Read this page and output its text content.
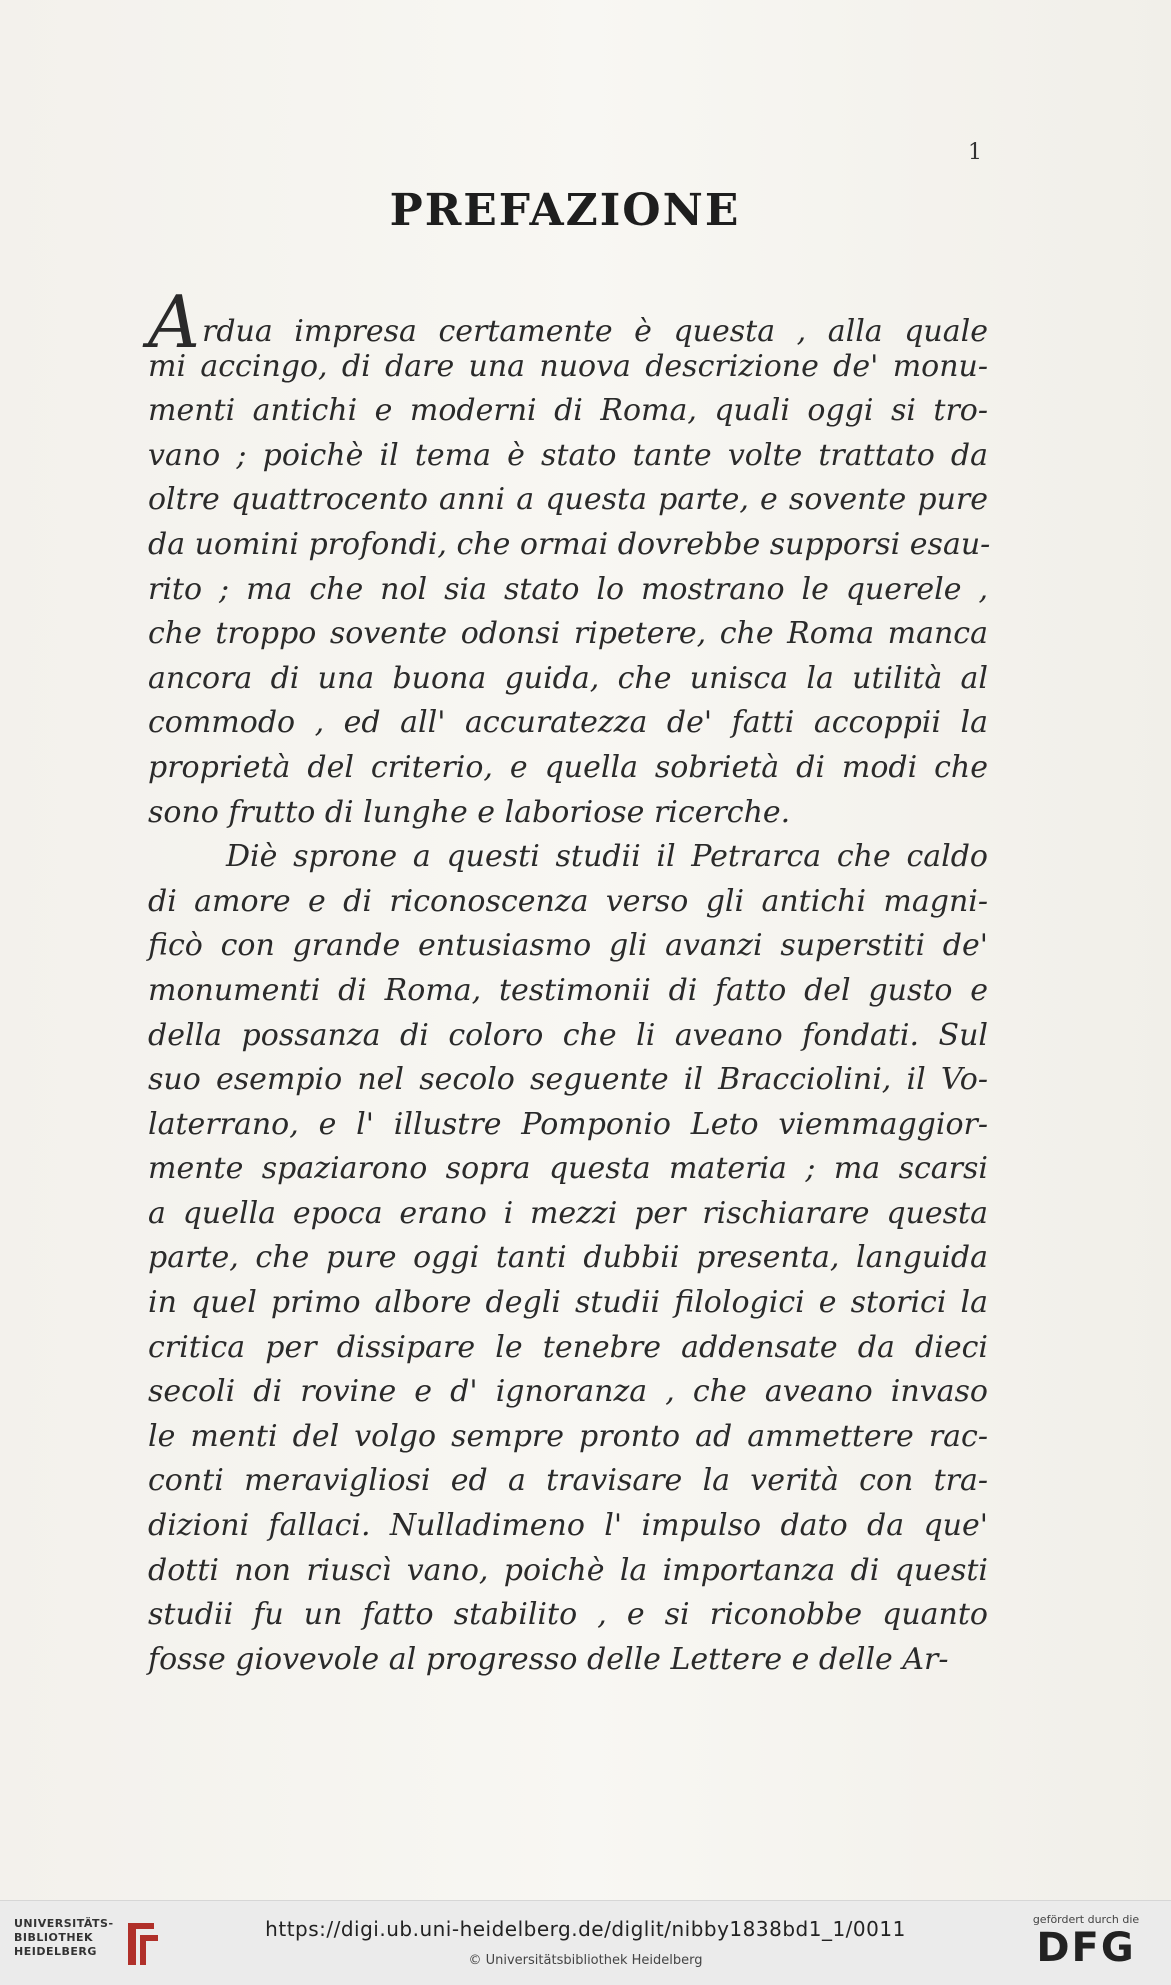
1
PREFAZIONE
Ardua impresa certamente è questa , alla quale
mi accingo, di dare una nuova descrizione de' monu-
menti antichi e moderni di Roma, quali oggi si tro-
vano ; poichè il tema è stato tante volte trattato da
oltre quattrocento anni a questa parte, e sovente pure
da uomini profondi, che ormai dovrebbe supporsi esau-
rito ; ma che nol sia stato lo mostrano le querele ,
che troppo sovente odonsi ripetere, che Roma manca
ancora di una buona guida, che unisca la utilità al
commodo , ed all' accuratezza de' fatti accoppii la
proprietà del criterio, e quella sobrietà di modi che
sono frutto di lunghe e laboriose ricerche.
Diè sprone a questi studii il Petrarca che caldo
di amore e di riconoscenza verso gli antichi magni-
ficò con grande entusiasmo gli avanzi superstiti de'
monumenti di Roma, testimonii di fatto del gusto e
della possanza di coloro che li aveano fondati. Sul
suo esempio nel secolo seguente il Bracciolini, il Vo-
laterrano, e l' illustre Pomponio Leto viemmaggior-
mente spaziarono sopra questa materia ; ma scarsi
a quella epoca erano i mezzi per rischiarare questa
parte, che pure oggi tanti dubbii presenta, languida
in quel primo albore degli studii filologici e storici la
critica per dissipare le tenebre addensate da dieci
secoli di rovine e d' ignoranza , che aveano invaso
le menti del volgo sempre pronto ad ammettere rac-
conti meravigliosi ed a travisare la verità con tra-
dizioni fallaci. Nulladimeno l' impulso dato da que'
dotti non riuscì vano, poichè la importanza di questi
studii fu un fatto stabilito , e si riconobbe quanto
fosse giovevole al progresso delle Lettere e delle Ar-
UNIVERSITÄTS-
BIBLIOTHEK
HEIDELBERG
https://digi.ub.uni-heidelberg.de/diglit/nibby1838bd1_1/0011
© Universitätsbibliothek Heidelberg
gefördert durch die
DFG
